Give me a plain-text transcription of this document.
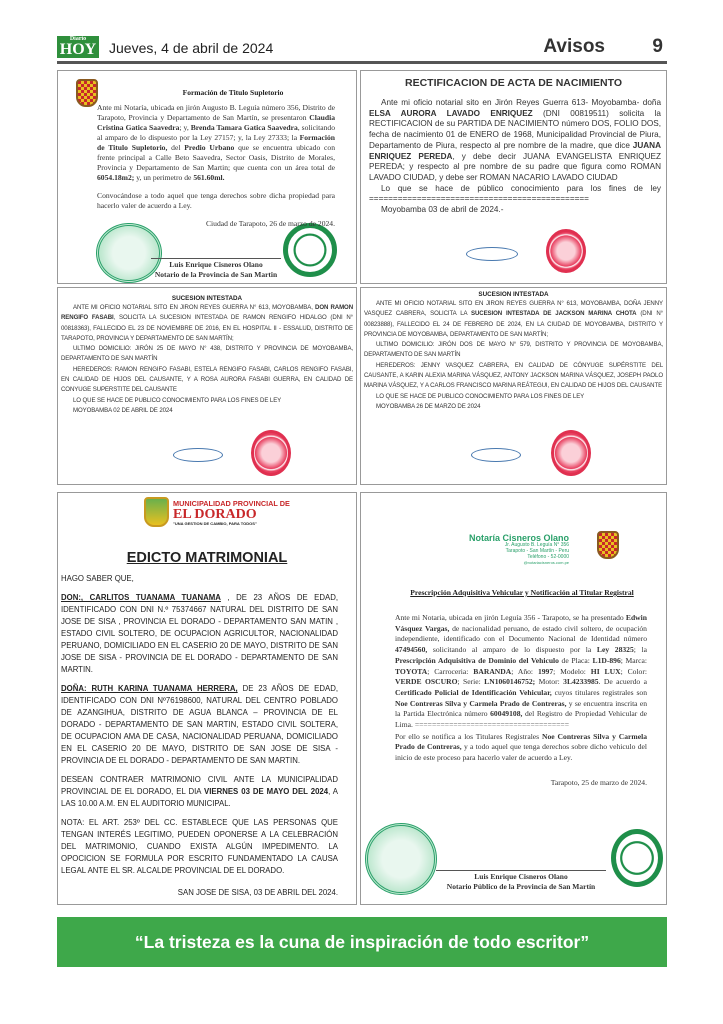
Diario
HOY Jueves, 4 de abril de 2024	Avisos 9
Formación de Titulo Supletorio

Ante mi Notaría, ubicada en jirón Augusto B. Leguía número 356, Distrito de Tarapoto, Provincia y Departamento de San Martín, se presentaron Claudia Cristina Gatica Saavedra; y, Brenda Tamara Gatica Saavedra, solicitando al amparo de lo dispuesto por la Ley 27157; y, la Ley 27333; la Formación de Titulo Supletorio, del Predio Urbano que se encuentra ubicado con frente principal a Calle Beto Saavedra, Sector Oasis, Distrito de Morales, Provincia y Departamento de San Martin; que cuenta con un área total de 6054.18m2; y, un perimetro de 561.60ml.

Convocándose a todo aquel que tenga derechos sobre dicha propiedad para hacerlo valer de acuerdo a Ley.

Ciudad de Tarapoto, 26 de marzo de 2024.
Luis Enrique Cisneros Olano
Notario de la Provincia de San Martin
RECTIFICACION DE ACTA DE NACIMIENTO

Ante mi oficio notarial sito en Jirón Reyes Guerra 613- Moyobamba- doña ELSA AURORA LAVADO ENRIQUEZ (DNI 00819511) solicita la RECTIFICACION de su PARTIDA DE NACIMIENTO número DOS, FOLIO DOS, fecha de nacimiento 01 de ENERO de 1968, Municipalidad Provincial de Piura, Departamento de Piura, respecto al pre nombre de la madre, que dice JUANA ENRIQUEZ PEREDA, y debe decir JUANA EVANGELISTA ENRIQUEZ PEREDA; y respecto al pre nombre de su padre que figura como ROMAN LAVADO CIUDAD, y debe ser ROMAN NACARIO LAVADO CIUDAD

Lo que se hace de público conocimiento para los fines de ley ==============================================

Moyobamba 03 de abril de 2024.-

SUCESION INTESTADA

ANTE MI OFICIO NOTARIAL SITO EN JIRON REYES GUERRA N° 613, MOYOBAMBA, DON RAMON RENGIFO FASABI, SOLICITA LA SUCESION INTESTADA DE RAMON RENGIFO HIDALGO (DNI N° 00818363), FALLECIDO EL 23 DE NOVIEMBRE DE 2016, EN EL HOSPITAL II - ESSALUD, DISTRITO DE TARAPOTO, PROVINCIA Y DEPARTAMENTO DE SAN MARTÍN;

ULTIMO DOMICILIO: JIRÓN 25 DE MAYO N° 438, DISTRITO Y PROVINCIA DE MOYOBAMBA, DEPARTAMENTO DE SAN MARTÍN

HEREDEROS: RAMON RENGIFO FASABI, ESTELA RENGIFO FASABI, CARLOS RENGIFO FASABI, EN CALIDAD DE HIJOS DEL CAUSANTE, Y A ROSA AURORA FASABI GUERRA, EN CALIDAD DE CONYUGE SUPERSTITE DEL CAUSANTE

LO QUE SE HACE DE PUBLICO CONOCIMIENTO PARA LOS FINES DE LEY

MOYOBAMBA 02 DE ABRIL DE 2024

SUCESION INTESTADA

ANTE MI OFICIO NOTARIAL SITO EN JIRON REYES GUERRA N° 613, MOYOBAMBA, DOÑA JENNY VASQUEZ CABRERA, SOLICITA LA SUCESION INTESTADA DE JACKSON MARINA CHOTA (DNI N° 00823888), FALLECIDO EL 24 DE FEBRERO DE 2024, EN LA CIUDAD DE MOYOBAMBA, DISTRITO Y PROVINCIA DE MOYOBAMBA, DEPARTAMENTO DE SAN MARTÍN;

ULTIMO DOMICILIO: JIRÓN DOS DE MAYO N° 579, DISTRITO Y PROVINCIA DE MOYOBAMBA, DEPARTAMENTO DE SAN MARTÍN

HEREDEROS: JENNY VASQUEZ CABRERA, EN CALIDAD DE CÓNYUGE SUPÉRSTITE DEL CAUSANTE, A KARIN ALEXIA MARINA VÁSQUEZ, ANTONY JACKSON MARINA VÁSQUEZ, JOSEPH PAOLO MARINA VÁSQUEZ, Y A CARLOS FRANCISCO MARINA REÁTEGUI, EN CALIDAD DE HIJOS DEL CAUSANTE

LO QUE SE HACE DE PUBLICO CONOCIMIENTO PARA LOS FINES DE LEY

MOYOBAMBA 26 DE MARZO DE 2024

MUNICIPALIDAD PROVINCIAL DE
EL DORADO
"UNA GESTION DE CAMBIO, PARA TODOS"
EDICTO MATRIMONIAL

HAGO SABER QUE,

DON:, CARLITOS TUANAMA TUANAMA , DE 23 AÑOS DE EDAD, IDENTIFICADO CON DNI N.º 75374667 NATURAL DEL DISTRITO DE SAN JOSE DE SISA , PROVINCIA EL DORADO - DEPARTAMENTO SAN MATIN , ESTADO CIVIL SOLTERO, DE OCUPACION AGRICULTOR, NACIONALIDAD PERUANO, DOMICILIADO EN EL CASERIO 20 DE MAYO, DISTRITO DE SAN JOSE DE SISA - PROVINCIA DE EL DORADO - DEPARTAMENTO DE SAN MARTIN.

DOÑA: RUTH KARINA TUANAMA HERRERA, DE 23 AÑOS DE EDAD, IDENTIFICADO CON DNI Nº76198600, NATURAL DEL CENTRO POBLADO DE AZANGIHUA, DISTRITO DE AGUA BLANCA – PROVINCIA DE EL DORADO - DEPARTAMENTO DE SAN MARTIN, ESTADO CIVIL SOLTERA, DE OCUPACION AMA DE CASA, NACIONALIDAD PERUANA, DOMICILIADO EN EL CASERIO 20 DE MAYO, DISTRITO DE SAN JOSE DE SISA - PROVINCIA DE EL DORADO - DEPARTAMENTO DE SAN MARTIN.

DESEAN CONTRAER MATRIMONIO CIVIL ANTE LA MUNICIPALIDAD PROVINCIAL DE EL DORADO, EL DIA VIERNES 03 DE MAYO DEL 2024, A LAS 10.00 A.M. EN EL AUDITORIO MUNICIPAL.

NOTA: EL ART. 253º DEL CC. ESTABLECE QUE LAS PERSONAS QUE TENGAN INTERÉS LEGITIMO, PUEDEN OPONERSE A LA CELEBRACIÓN DEL MATRIMONIO, CUANDO EXISTA ALGÚN IMPEDIMENTO. LA OPOCICION SE FORMULA POR ESCRITO FUNDAMENTADO LA CAUSA LEGAL ANTE EL SR. ALCALDE PROVINCIAL DE EL DORADO.

SAN JOSE DE SISA, 03 DE ABRIL DEL 2024.
Notaría Cisneros Olano
Jr. Augusto B. Leguía N° 356
Tarapoto - San Martín - Peru
Teléfono - 52-0000
@notariacisneros.com.pe
Prescripción Adquisitiva Vehicular y Notificación al Titular Registral

Ante mi Notaria, ubicada en jirón Leguía 356 - Tarapoto, se ha presentado Edwin Vásquez Vargas, de nacionalidad peruano, de estado civil soltero, de ocupación independiente, identificado con el Documento Nacional de Identidad número 47494560, solicitando al amparo de lo dispuesto por la Ley 28325; la Prescripción Adquisitiva de Dominio del Vehiculo de Placa: L1D-896; Marca: TOYOTA; Carroceria: BARANDA; Año: 1997; Modelo: HI LUX; Color: VERDE OSCURO; Serie: LN1060146752; Motor: 3L4233985. De acuerdo a Certificado Policial de Identificación Vehicular, cuyos titulares registrales son Noe Contreras Silva y Carmela Prado de Contreras, y se encuentra inscrita en la Partida Electrónica número 60049108, del Registro de Propiedad Vehicular de Lima. ====================================

Por ello se notifica a los Titulares Registrales Noe Contreras Silva y Carmela Prado de Contreras, y a todo aquel que tenga derechos sobre dicho vehiculo del inicio de este proceso para hacerlo valer de acuerdo a Ley.

Tarapoto, 25 de marzo de 2024.
Luis Enrique Cisneros Olano
Notario Público de la Provincia de San Martín
“La tristeza es la cuna de inspiración de todo escritor”
